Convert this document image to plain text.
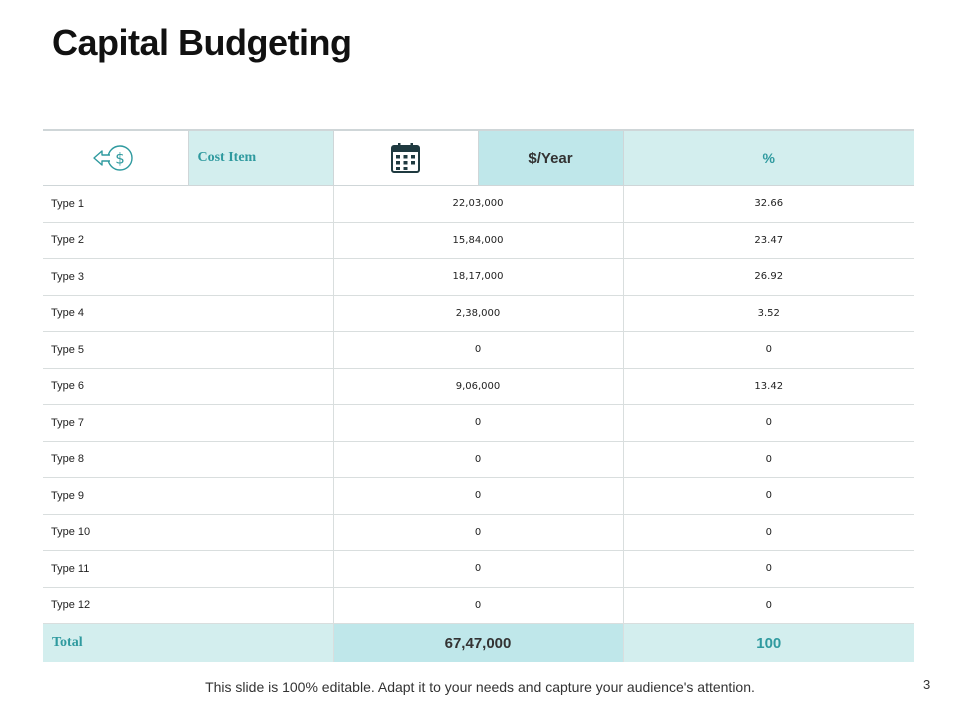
Capital Budgeting
$	Cost Item		$/Year	%
Type 1		22,03,000		32.66
Type 2		15,84,000		23.47
Type 3		18,17,000		26.92
Type 4		2,38,000		3.52
Type 5		0		0
Type 6		9,06,000		13.42
Type 7		0		0
Type 8		0		0
Type 9		0		0
Type 10		0		0
Type 11		0		0
Type 12		0		0
Total		67,47,000		100
This slide is 100% editable. Adapt it to your needs and capture your audience's attention.	3
